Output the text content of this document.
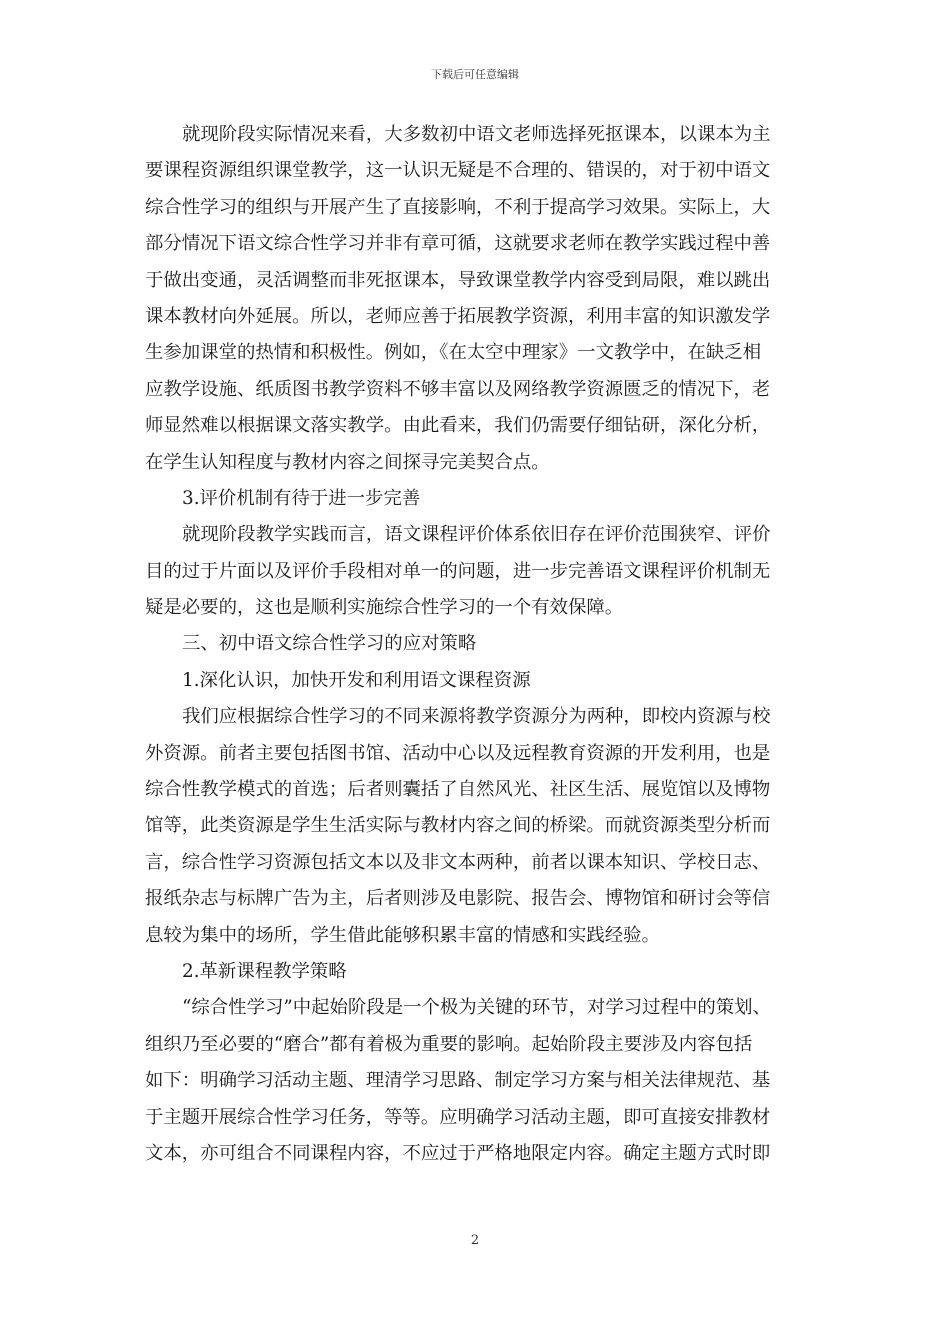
下载后可任意编辑
就现阶段实际情况来看，大多数初中语文老师选择死抠课本，以课本为主
要课程资源组织课堂教学，这一认识无疑是不合理的、错误的，对于初中语文
综合性学习的组织与开展产生了直接影响，不利于提高学习效果。实际上，大
部分情况下语文综合性学习并非有章可循，这就要求老师在教学实践过程中善
于做出变通，灵活调整而非死抠课本，导致课堂教学内容受到局限，难以跳出
课本教材向外延展。所以，老师应善于拓展教学资源，利用丰富的知识激发学
生参加课堂的热情和积极性。例如，《在太空中理家》一文教学中，在缺乏相
应教学设施、纸质图书教学资料不够丰富以及网络教学资源匮乏的情况下，老
师显然难以根据课文落实教学。由此看来，我们仍需要仔细钻研，深化分析，
在学生认知程度与教材内容之间探寻完美契合点。
3.评价机制有待于进一步完善
就现阶段教学实践而言，语文课程评价体系依旧存在评价范围狭窄、评价
目的过于片面以及评价手段相对单一的问题，进一步完善语文课程评价机制无
疑是必要的，这也是顺利实施综合性学习的一个有效保障。
三、初中语文综合性学习的应对策略
1.深化认识，加快开发和利用语文课程资源
我们应根据综合性学习的不同来源将教学资源分为两种，即校内资源与校
外资源。前者主要包括图书馆、活动中心以及远程教育资源的开发利用，也是
综合性教学模式的首选；后者则囊括了自然风光、社区生活、展览馆以及博物
馆等，此类资源是学生生活实际与教材内容之间的桥梁。而就资源类型分析而
言，综合性学习资源包括文本以及非文本两种，前者以课本知识、学校日志、
报纸杂志与标牌广告为主，后者则涉及电影院、报告会、博物馆和研讨会等信
息较为集中的场所，学生借此能够积累丰富的情感和实践经验。
2.革新课程教学策略
“综合性学习”中起始阶段是一个极为关键的环节，对学习过程中的策划、
组织乃至必要的“磨合”都有着极为重要的影响。起始阶段主要涉及内容包括
如下：明确学习活动主题、理清学习思路、制定学习方案与相关法律规范、基
于主题开展综合性学习任务，等等。应明确学习活动主题，即可直接安排教材
文本，亦可组合不同课程内容，不应过于严格地限定内容。确定主题方式时即
2
